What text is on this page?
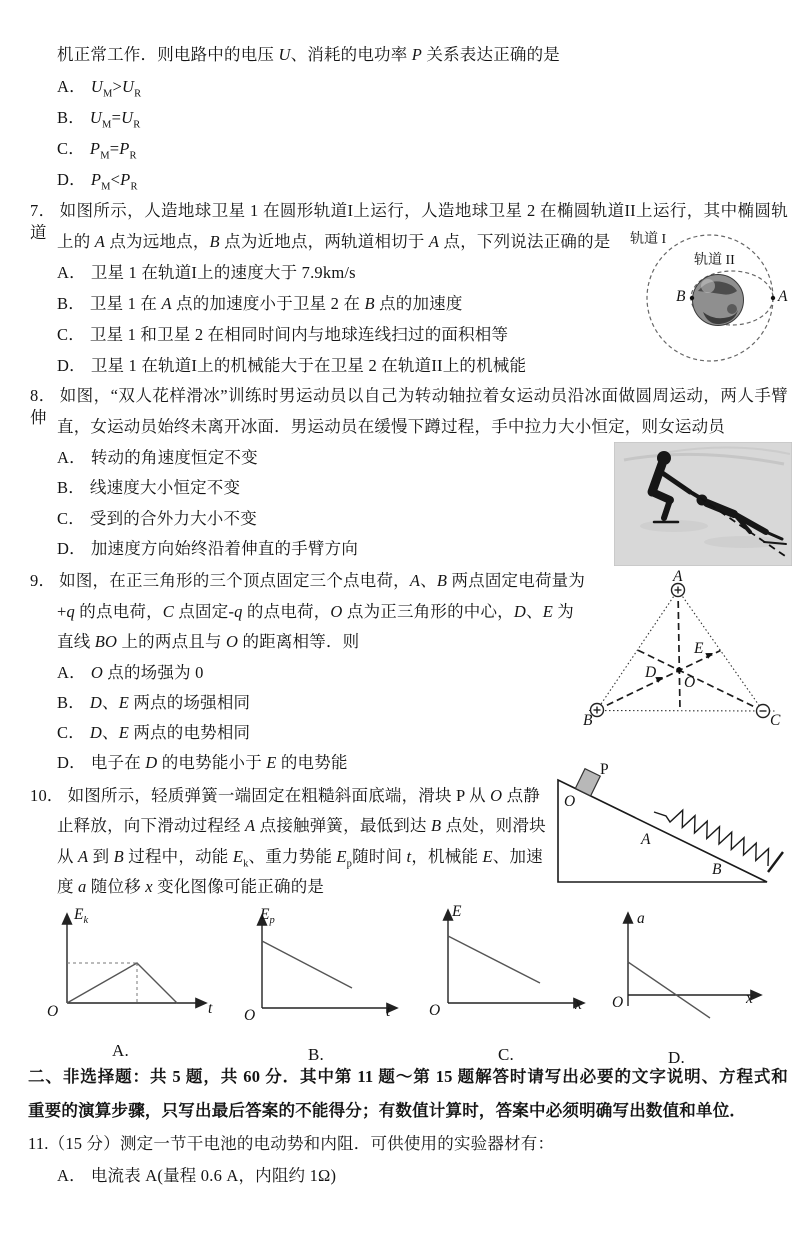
机正常工作．则电路中的电压 U、消耗的电功率 P 关系表达正确的是
A． $U_M>U_R$
B． $U_M=U_R$
C． $P_M=P_R$
D． $P_M<P_R$
7． 如图所示，人造地球卫星 1 在圆形轨道I上运行，人造地球卫星 2 在椭圆轨道II上运行，其中椭圆轨道 上的 A 点为远地点，B 点为近地点，两轨道相切于 A 点，下列说法正确的是
A． 卫星 1 在轨道I上的速度大于 7.9km/s
B． 卫星 1 在 A 点的加速度小于卫星 2 在 B 点的加速度
C． 卫星 1 和卫星 2 在相同时间内与地球连线扫过的面积相等
D． 卫星 1 在轨道I上的机械能大于在卫星 2 在轨道II上的机械能
轨道 I
轨道 II
B	A
8． 如图，“双人花样滑冰”训练时男运动员以自己为转动轴拉着女运动员沿冰面做圆周运动，两人手臂伸 直，女运动员始终未离开冰面．男运动员在缓慢下蹲过程，手中拉力大小恒定，则女运动员
A． 转动的角速度恒定不变
B． 线速度大小恒定不变
C． 受到的合外力大小不变
D． 加速度方向始终沿着伸直的手臂方向
9． 如图，在正三角形的三个顶点固定三个点电荷，A、B 两点固定电荷量为
+q 的点电荷，C 点固定-q 的点电荷，O 点为正三角形的中心，D、E 为
直线 BO 上的两点且与 O 的距离相等．则
A． O 点的场强为 0
B． D、E 两点的场强相同
C． D、E 两点的电势相同
D． 电子在 D 的电势能小于 E 的电势能
A
B	C
O
D
E
10． 如图所示，轻质弹簧一端固定在粗糙斜面底端，滑块 P 从 O 点静
止释放，向下滑动过程经 A 点接触弹簧，最低到达 B 点处，则滑块
从 A 到 B 过程中，动能 $E_k$、重力势能 $E_p$随时间 t，机械能 E、加速
度 a 随位移 x 变化图像可能正确的是
P
O
A
B
$E_k$
O	t
$E_p$
O	t
E
O	x
a
O	x
A.	B.	C.	D.
二、非选择题：共 5 题，共 60 分．其中第 11 题～第 15 题解答时请写出必要的文字说明、方程式和
重要的演算步骤，只写出最后答案的不能得分；有数值计算时，答案中必须明确写出数值和单位．
11.（15 分）测定一节干电池的电动势和内阻．可供使用的实验器材有：
A． 电流表 A(量程 0.6 A，内阻约 1Ω)
